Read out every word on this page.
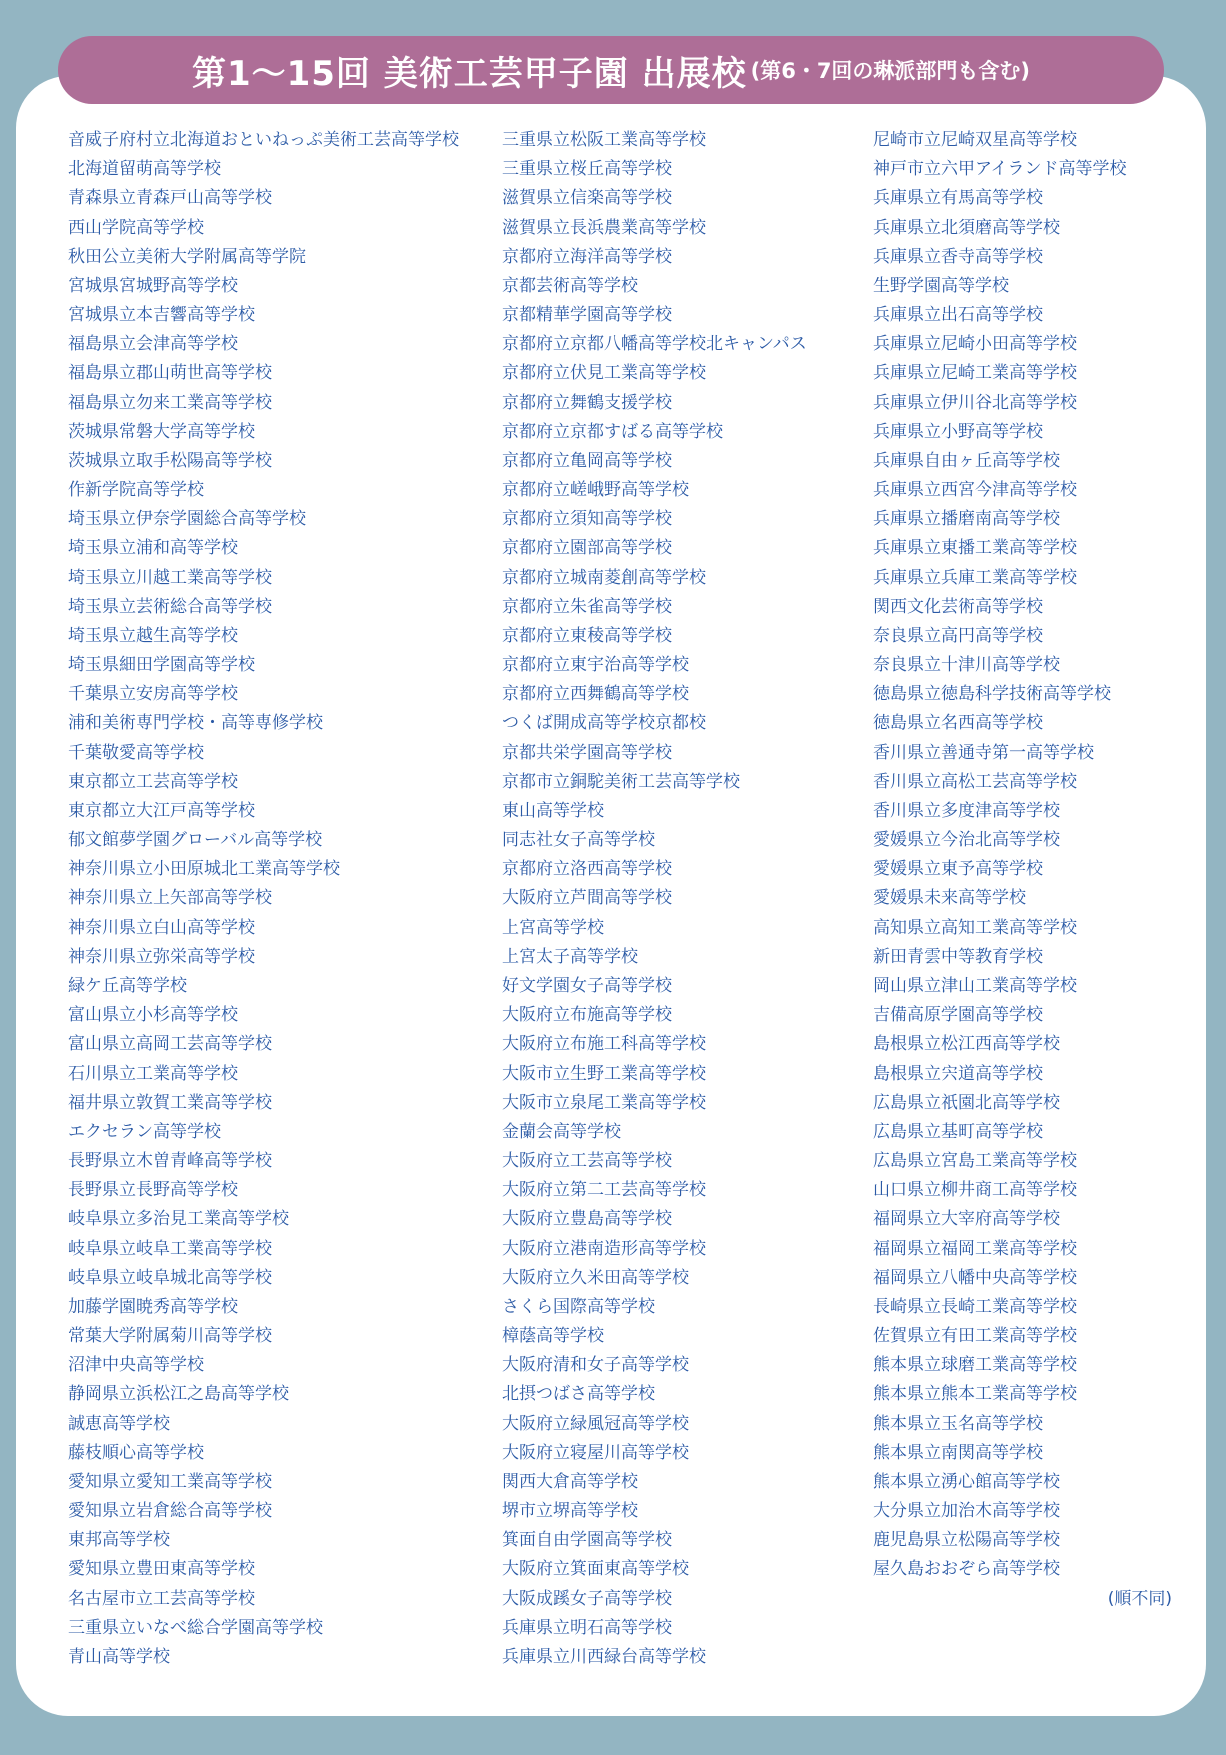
第1〜15回 美術工芸甲子園 出展校 (第6・7回の琳派部門も含む)
音威子府村立北海道おといねっぷ美術工芸高等学校
北海道留萌高等学校
青森県立青森戸山高等学校
西山学院高等学校
秋田公立美術大学附属高等学院
宮城県宮城野高等学校
宮城県立本吉響高等学校
福島県立会津高等学校
福島県立郡山萌世高等学校
福島県立勿来工業高等学校
茨城県常磐大学高等学校
茨城県立取手松陽高等学校
作新学院高等学校
埼玉県立伊奈学園総合高等学校
埼玉県立浦和高等学校
埼玉県立川越工業高等学校
埼玉県立芸術総合高等学校
埼玉県立越生高等学校
埼玉県細田学園高等学校
千葉県立安房高等学校
浦和美術専門学校・高等専修学校
千葉敬愛高等学校
東京都立工芸高等学校
東京都立大江戸高等学校
郁文館夢学園グローバル高等学校
神奈川県立小田原城北工業高等学校
神奈川県立上矢部高等学校
神奈川県立白山高等学校
神奈川県立弥栄高等学校
緑ケ丘高等学校
富山県立小杉高等学校
富山県立高岡工芸高等学校
石川県立工業高等学校
福井県立敦賀工業高等学校
エクセラン高等学校
長野県立木曽青峰高等学校
長野県立長野高等学校
岐阜県立多治見工業高等学校
岐阜県立岐阜工業高等学校
岐阜県立岐阜城北高等学校
加藤学園暁秀高等学校
常葉大学附属菊川高等学校
沼津中央高等学校
静岡県立浜松江之島高等学校
誠恵高等学校
藤枝順心高等学校
愛知県立愛知工業高等学校
愛知県立岩倉総合高等学校
東邦高等学校
愛知県立豊田東高等学校
名古屋市立工芸高等学校
三重県立いなべ総合学園高等学校
青山高等学校
三重県立松阪工業高等学校
三重県立桜丘高等学校
滋賀県立信楽高等学校
滋賀県立長浜農業高等学校
京都府立海洋高等学校
京都芸術高等学校
京都精華学園高等学校
京都府立京都八幡高等学校北キャンパス
京都府立伏見工業高等学校
京都府立舞鶴支援学校
京都府立京都すばる高等学校
京都府立亀岡高等学校
京都府立嵯峨野高等学校
京都府立須知高等学校
京都府立園部高等学校
京都府立城南菱創高等学校
京都府立朱雀高等学校
京都府立東稜高等学校
京都府立東宇治高等学校
京都府立西舞鶴高等学校
つくば開成高等学校京都校
京都共栄学園高等学校
京都市立銅駝美術工芸高等学校
東山高等学校
同志社女子高等学校
京都府立洛西高等学校
大阪府立芦間高等学校
上宮高等学校
上宮太子高等学校
好文学園女子高等学校
大阪府立布施高等学校
大阪府立布施工科高等学校
大阪市立生野工業高等学校
大阪市立泉尾工業高等学校
金蘭会高等学校
大阪府立工芸高等学校
大阪府立第二工芸高等学校
大阪府立豊島高等学校
大阪府立港南造形高等学校
大阪府立久米田高等学校
さくら国際高等学校
樟蔭高等学校
大阪府清和女子高等学校
北摂つばさ高等学校
大阪府立緑風冠高等学校
大阪府立寝屋川高等学校
関西大倉高等学校
堺市立堺高等学校
箕面自由学園高等学校
大阪府立箕面東高等学校
大阪成蹊女子高等学校
兵庫県立明石高等学校
兵庫県立川西緑台高等学校
尼崎市立尼崎双星高等学校
神戸市立六甲アイランド高等学校
兵庫県立有馬高等学校
兵庫県立北須磨高等学校
兵庫県立香寺高等学校
生野学園高等学校
兵庫県立出石高等学校
兵庫県立尼崎小田高等学校
兵庫県立尼崎工業高等学校
兵庫県立伊川谷北高等学校
兵庫県立小野高等学校
兵庫県自由ヶ丘高等学校
兵庫県立西宮今津高等学校
兵庫県立播磨南高等学校
兵庫県立東播工業高等学校
兵庫県立兵庫工業高等学校
関西文化芸術高等学校
奈良県立高円高等学校
奈良県立十津川高等学校
徳島県立徳島科学技術高等学校
徳島県立名西高等学校
香川県立善通寺第一高等学校
香川県立高松工芸高等学校
香川県立多度津高等学校
愛媛県立今治北高等学校
愛媛県立東予高等学校
愛媛県未来高等学校
高知県立高知工業高等学校
新田青雲中等教育学校
岡山県立津山工業高等学校
吉備高原学園高等学校
島根県立松江西高等学校
島根県立宍道高等学校
広島県立祇園北高等学校
広島県立基町高等学校
広島県立宮島工業高等学校
山口県立柳井商工高等学校
福岡県立大宰府高等学校
福岡県立福岡工業高等学校
福岡県立八幡中央高等学校
長崎県立長崎工業高等学校
佐賀県立有田工業高等学校
熊本県立球磨工業高等学校
熊本県立熊本工業高等学校
熊本県立玉名高等学校
熊本県立南関高等学校
熊本県立湧心館高等学校
大分県立加治木高等学校
鹿児島県立松陽高等学校
屋久島おおぞら高等学校
(順不同)
